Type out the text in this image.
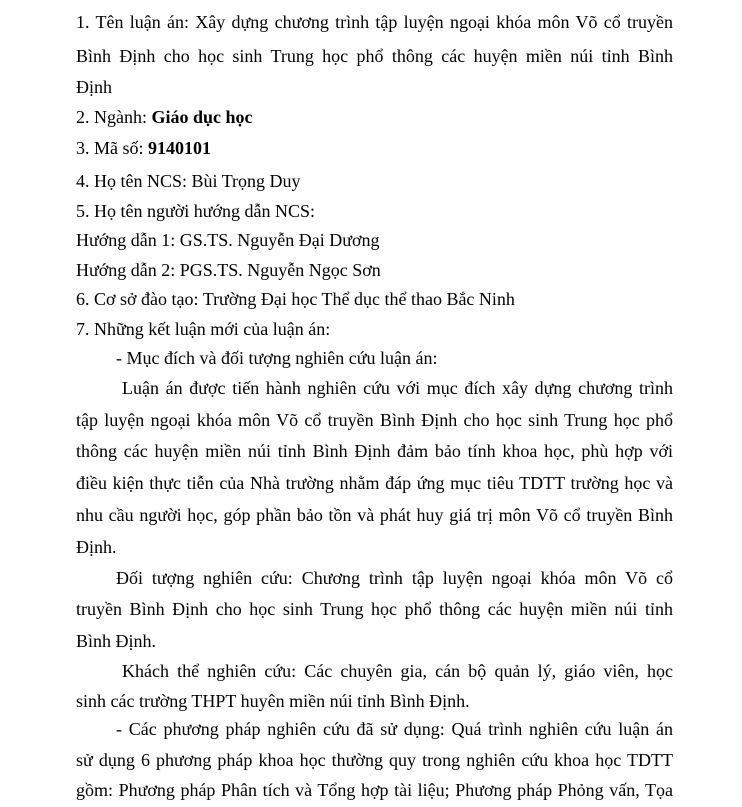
1. Tên luận án: Xây dựng chương trình tập luyện ngoại khóa môn Võ cổ truyền
Bình Định cho học sinh Trung học phổ thông các huyện miền núi tỉnh Bình
Định
2. Ngành: Giáo dục học
3. Mã số: 9140101
4. Họ tên NCS: Bùi Trọng Duy
5. Họ tên người hướng dẫn NCS:
Hướng dẫn 1: GS.TS. Nguyễn Đại Dương
Hướng dẫn 2: PGS.TS. Nguyễn Ngọc Sơn
6. Cơ sở đào tạo: Trường Đại học Thể dục thể thao Bắc Ninh
7. Những kết luận mới của luận án:
- Mục đích và đối tượng nghiên cứu luận án:
Luận án được tiến hành nghiên cứu với mục đích xây dựng chương trình
tập luyện ngoại khóa môn Võ cổ truyền Bình Định cho học sinh Trung học phổ
thông các huyện miền núi tỉnh Bình Định đảm bảo tính khoa học, phù hợp với
điều kiện thực tiễn của Nhà trường nhằm đáp ứng mục tiêu TDTT trường học và
nhu cầu người học, góp phần bảo tồn và phát huy giá trị môn Võ cổ truyền Bình
Định.
Đối tượng nghiên cứu: Chương trình tập luyện ngoại khóa môn Võ cổ
truyền Bình Định cho học sinh Trung học phổ thông các huyện miền núi tỉnh
Bình Định.
Khách thể nghiên cứu: Các chuyên gia, cán bộ quản lý, giáo viên, học
sinh các trường THPT huyên miền núi tỉnh Bình Định.
- Các phương pháp nghiên cứu đã sử dụng: Quá trình nghiên cứu luận án
sử dụng 6 phương pháp khoa học thường quy trong nghiên cứu khoa học TDTT
gồm: Phương pháp Phân tích và Tổng hợp tài liệu; Phương pháp Phỏng vấn, Tọa
